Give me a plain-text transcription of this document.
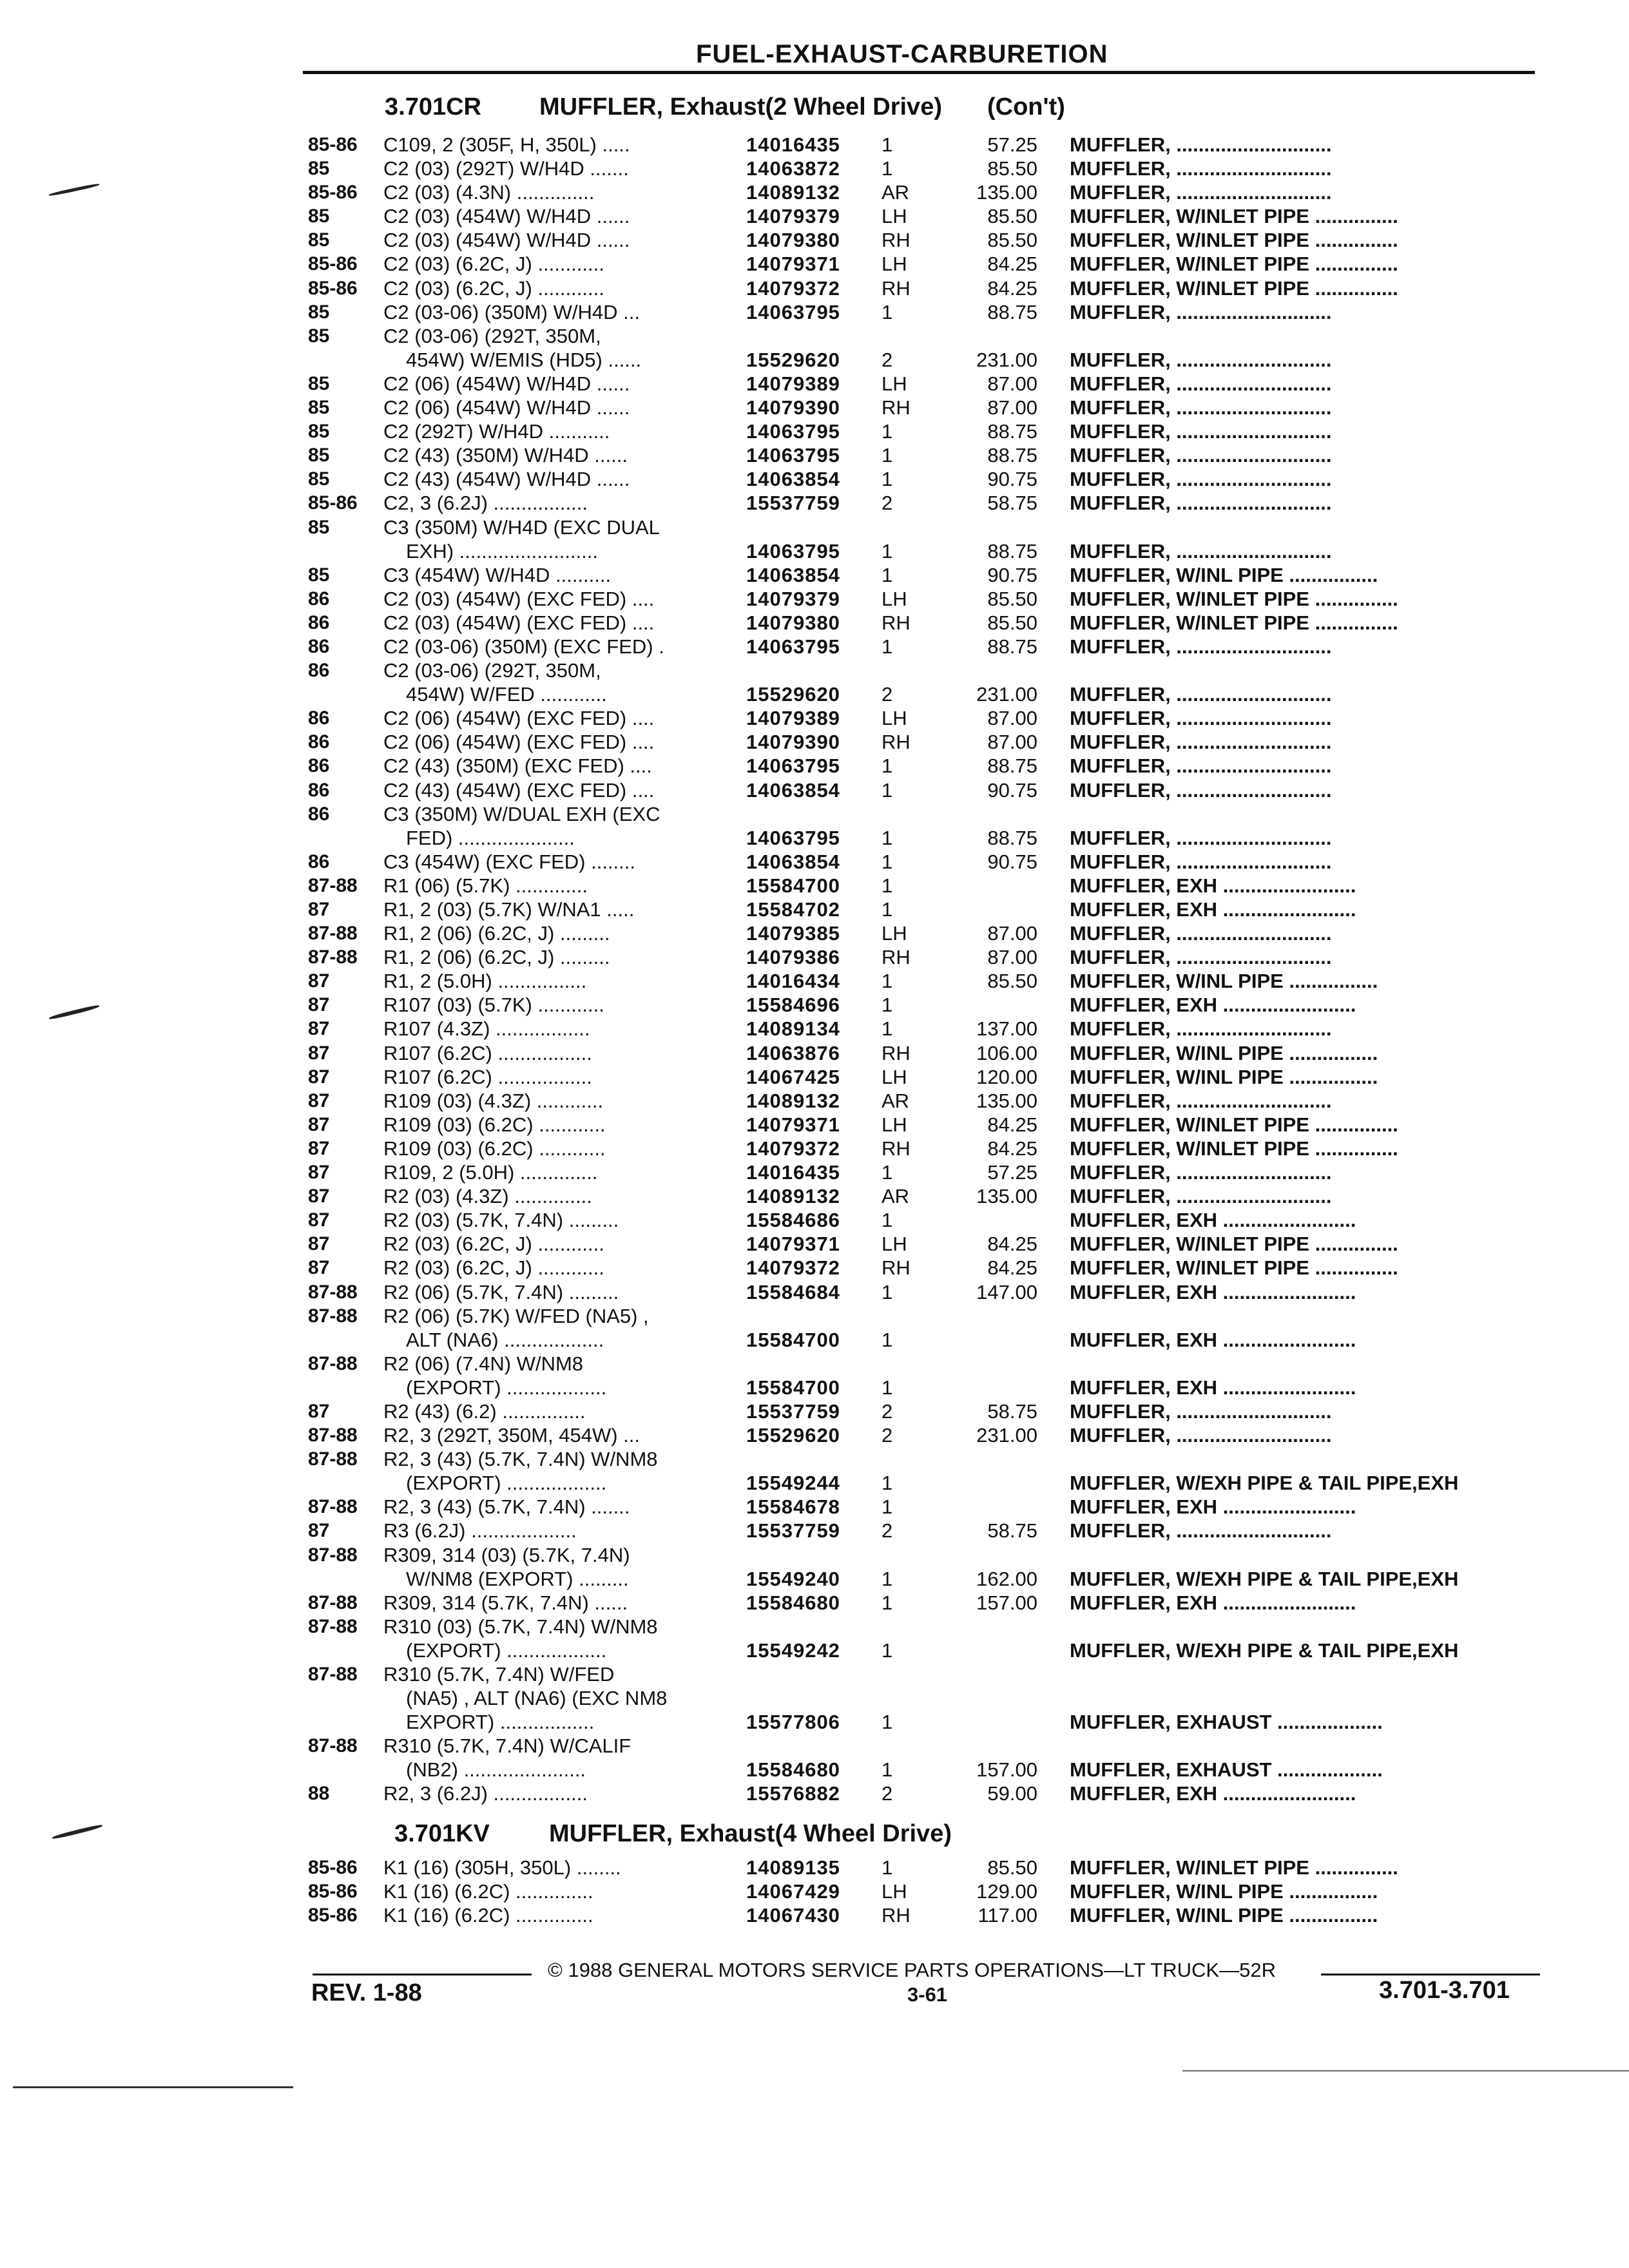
FUEL-EXHAUST-CARBURETION
3.701CR MUFFLER, Exhaust(2 Wheel Drive) (Con't)
85-86 C109, 2 (305F, H, 350L) .....	14016435 1	57.25 MUFFLER, ............................
85	C2 (03) (292T) W/H4D .......	14063872 1	85.50 MUFFLER, ............................
85-86 C2 (03) (4.3N) ..............	14089132 AR	135.00 MUFFLER, ............................
85	C2 (03) (454W) W/H4D ......	14079379 LH	85.50 MUFFLER, W/INLET PIPE ...............
85	C2 (03) (454W) W/H4D ......	14079380 RH	85.50 MUFFLER, W/INLET PIPE ...............
85-86 C2 (03) (6.2C, J) ............	14079371 LH	84.25 MUFFLER, W/INLET PIPE ...............
85-86 C2 (03) (6.2C, J) ............	14079372 RH	84.25 MUFFLER, W/INLET PIPE ...............
85	C2 (03-06) (350M) W/H4D ...	14063795 1	88.75 MUFFLER, ............................
85	C2 (03-06) (292T, 350M,
454W) W/EMIS (HD5) ......	15529620 2	231.00 MUFFLER, ............................
85	C2 (06) (454W) W/H4D ......	14079389 LH	87.00 MUFFLER, ............................
85	C2 (06) (454W) W/H4D ......	14079390 RH	87.00 MUFFLER, ............................
85	C2 (292T) W/H4D ...........	14063795 1	88.75 MUFFLER, ............................
85	C2 (43) (350M) W/H4D ......	14063795 1	88.75 MUFFLER, ............................
85	C2 (43) (454W) W/H4D ......	14063854 1	90.75 MUFFLER, ............................
85-86 C2, 3 (6.2J) .................	15537759 2	58.75 MUFFLER, ............................
85	C3 (350M) W/H4D (EXC DUAL
EXH) .........................	14063795 1	88.75 MUFFLER, ............................
85	C3 (454W) W/H4D ..........	14063854 1	90.75 MUFFLER, W/INL PIPE ................
86	C2 (03) (454W) (EXC FED) ....	14079379 LH	85.50 MUFFLER, W/INLET PIPE ...............
86	C2 (03) (454W) (EXC FED) ....	14079380 RH	85.50 MUFFLER, W/INLET PIPE ...............
86	C2 (03-06) (350M) (EXC FED) .	14063795 1	88.75 MUFFLER, ............................
86	C2 (03-06) (292T, 350M,
454W) W/FED ............	15529620 2	231.00 MUFFLER, ............................
86	C2 (06) (454W) (EXC FED) ....	14079389 LH	87.00 MUFFLER, ............................
86	C2 (06) (454W) (EXC FED) ....	14079390 RH	87.00 MUFFLER, ............................
86	C2 (43) (350M) (EXC FED) ....	14063795 1	88.75 MUFFLER, ............................
86	C2 (43) (454W) (EXC FED) ....	14063854 1	90.75 MUFFLER, ............................
86	C3 (350M) W/DUAL EXH (EXC
FED) .....................	14063795 1	88.75 MUFFLER, ............................
86	C3 (454W) (EXC FED) ........	14063854 1	90.75 MUFFLER, ............................
87-88 R1 (06) (5.7K) .............	15584700 1	MUFFLER, EXH ........................
87	R1, 2 (03) (5.7K) W/NA1 .....	15584702 1	MUFFLER, EXH ........................
87-88 R1, 2 (06) (6.2C, J) .........	14079385 LH	87.00 MUFFLER, ............................
87-88 R1, 2 (06) (6.2C, J) .........	14079386 RH	87.00 MUFFLER, ............................
87	R1, 2 (5.0H) ................	14016434 1	85.50 MUFFLER, W/INL PIPE ................
87	R107 (03) (5.7K) ............	15584696 1	MUFFLER, EXH ........................
87	R107 (4.3Z) .................	14089134 1	137.00 MUFFLER, ............................
87	R107 (6.2C) .................	14063876 RH	106.00 MUFFLER, W/INL PIPE ................
87	R107 (6.2C) .................	14067425 LH	120.00 MUFFLER, W/INL PIPE ................
87	R109 (03) (4.3Z) ............	14089132 AR	135.00 MUFFLER, ............................
87	R109 (03) (6.2C) ............	14079371 LH	84.25 MUFFLER, W/INLET PIPE ...............
87	R109 (03) (6.2C) ............	14079372 RH	84.25 MUFFLER, W/INLET PIPE ...............
87	R109, 2 (5.0H) ..............	14016435 1	57.25 MUFFLER, ............................
87	R2 (03) (4.3Z) ..............	14089132 AR	135.00 MUFFLER, ............................
87	R2 (03) (5.7K, 7.4N) .........	15584686 1	MUFFLER, EXH ........................
87	R2 (03) (6.2C, J) ............	14079371 LH	84.25 MUFFLER, W/INLET PIPE ...............
87	R2 (03) (6.2C, J) ............	14079372 RH	84.25 MUFFLER, W/INLET PIPE ...............
87-88 R2 (06) (5.7K, 7.4N) .........	15584684 1	147.00 MUFFLER, EXH ........................
87-88 R2 (06) (5.7K) W/FED (NA5) ,
ALT (NA6) ..................	15584700 1	MUFFLER, EXH ........................
87-88 R2 (06) (7.4N) W/NM8
(EXPORT) ..................	15584700 1	MUFFLER, EXH ........................
87	R2 (43) (6.2) ...............	15537759 2	58.75 MUFFLER, ............................
87-88 R2, 3 (292T, 350M, 454W) ...	15529620 2	231.00 MUFFLER, ............................
87-88 R2, 3 (43) (5.7K, 7.4N) W/NM8
(EXPORT) ..................	15549244 1	MUFFLER, W/EXH PIPE & TAIL PIPE,EXH
87-88 R2, 3 (43) (5.7K, 7.4N) .......	15584678 1	MUFFLER, EXH ........................
87	R3 (6.2J) ...................	15537759 2	58.75 MUFFLER, ............................
87-88 R309, 314 (03) (5.7K, 7.4N)
W/NM8 (EXPORT) .........	15549240 1	162.00 MUFFLER, W/EXH PIPE & TAIL PIPE,EXH
87-88 R309, 314 (5.7K, 7.4N) ......	15584680 1	157.00 MUFFLER, EXH ........................
87-88 R310 (03) (5.7K, 7.4N) W/NM8
(EXPORT) ..................	15549242 1	MUFFLER, W/EXH PIPE & TAIL PIPE,EXH
87-88 R310 (5.7K, 7.4N) W/FED
(NA5) , ALT (NA6) (EXC NM8
EXPORT) .................	15577806 1	MUFFLER, EXHAUST ...................
87-88 R310 (5.7K, 7.4N) W/CALIF
(NB2) ......................	15584680 1	157.00 MUFFLER, EXHAUST ...................
88	R2, 3 (6.2J) .................	15576882 2	59.00 MUFFLER, EXH ........................
3.701KV MUFFLER, Exhaust(4 Wheel Drive)
85-86 K1 (16) (305H, 350L) ........	14089135 1	85.50 MUFFLER, W/INLET PIPE ...............
85-86 K1 (16) (6.2C) ..............	14067429 LH	129.00 MUFFLER, W/INL PIPE ................
85-86 K1 (16) (6.2C) ..............	14067430 RH	117.00 MUFFLER, W/INL PIPE ................
© 1988 GENERAL MOTORS SERVICE PARTS OPERATIONS—LT TRUCK—52R
REV. 1-88	3-61	3.701-3.701
